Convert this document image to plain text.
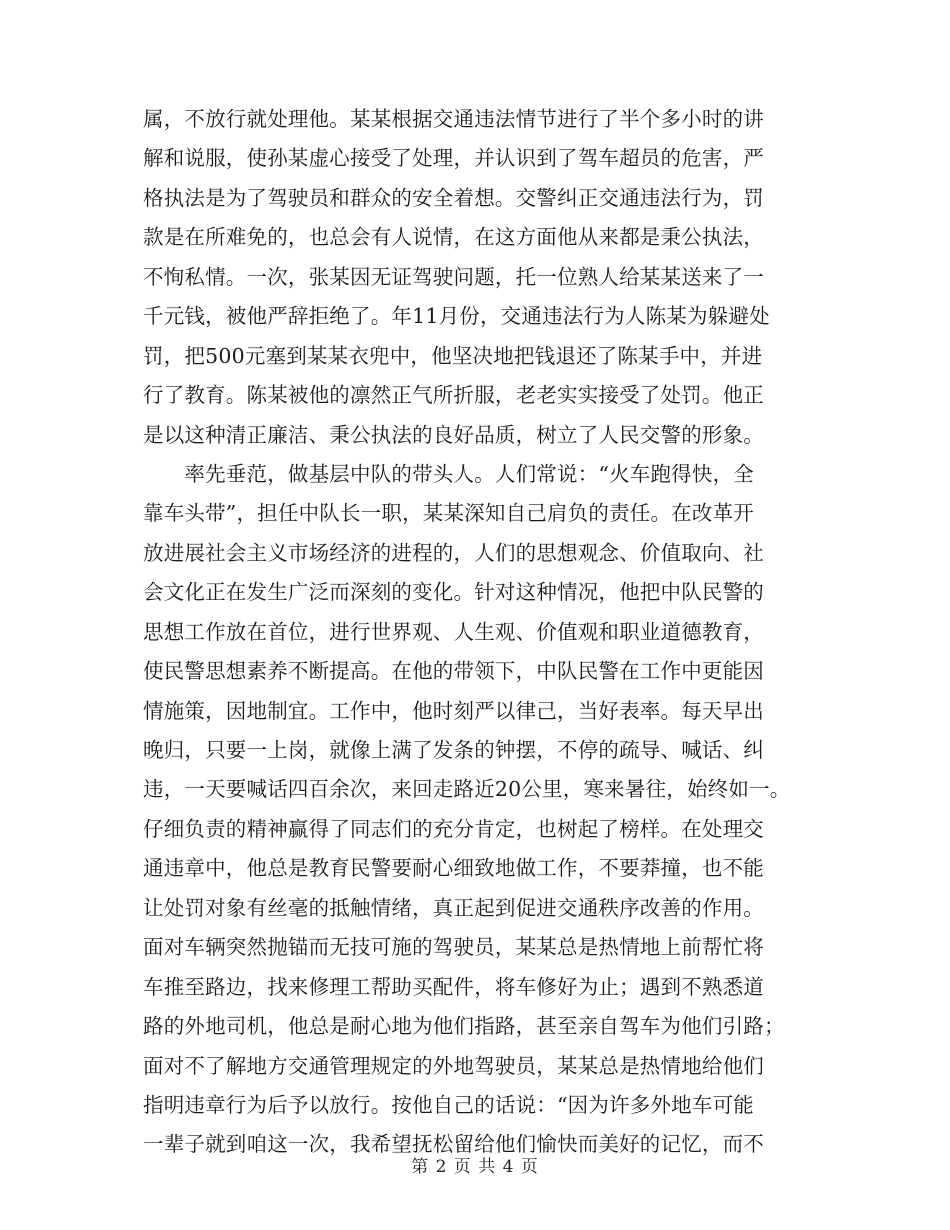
属，不放行就处理他。某某根据交通违法情节进行了半个多小时的讲
解和说服，使孙某虚心接受了处理，并认识到了驾车超员的危害，严
格执法是为了驾驶员和群众的安全着想。交警纠正交通违法行为，罚
款是在所难免的，也总会有人说情，在这方面他从来都是秉公执法，
不恂私情。一次，张某因无证驾驶问题，托一位熟人给某某送来了一
千元钱，被他严辞拒绝了。年11月份，交通违法行为人陈某为躲避处
罚，把500元塞到某某衣兜中，他坚决地把钱退还了陈某手中，并进
行了教育。陈某被他的凛然正气所折服，老老实实接受了处罚。他正
是以这种清正廉洁、秉公执法的良好品质，树立了人民交警的形象。
　　率先垂范，做基层中队的带头人。人们常说：“火车跑得快，全
靠车头带”，担任中队长一职，某某深知自己肩负的责任。在改革开
放进展社会主义市场经济的进程的，人们的思想观念、价值取向、社
会文化正在发生广泛而深刻的变化。针对这种情况，他把中队民警的
思想工作放在首位，进行世界观、人生观、价值观和职业道德教育，
使民警思想素养不断提高。在他的带领下，中队民警在工作中更能因
情施策，因地制宜。工作中，他时刻严以律己，当好表率。每天早出
晚归，只要一上岗，就像上满了发条的钟摆，不停的疏导、喊话、纠
违，一天要喊话四百余次，来回走路近20公里，寒来暑往，始终如一。
仔细负责的精神赢得了同志们的充分肯定，也树起了榜样。在处理交
通违章中，他总是教育民警要耐心细致地做工作，不要莽撞，也不能
让处罚对象有丝毫的抵触情绪，真正起到促进交通秩序改善的作用。
面对车辆突然抛锚而无技可施的驾驶员，某某总是热情地上前帮忙将
车推至路边，找来修理工帮助买配件，将车修好为止；遇到不熟悉道
路的外地司机，他总是耐心地为他们指路，甚至亲自驾车为他们引路；
面对不了解地方交通管理规定的外地驾驶员，某某总是热情地给他们
指明违章行为后予以放行。按他自己的话说：“因为许多外地车可能
一辈子就到咱这一次，我希望抚松留给他们愉快而美好的记忆，而不
第 2 页 共 4 页
